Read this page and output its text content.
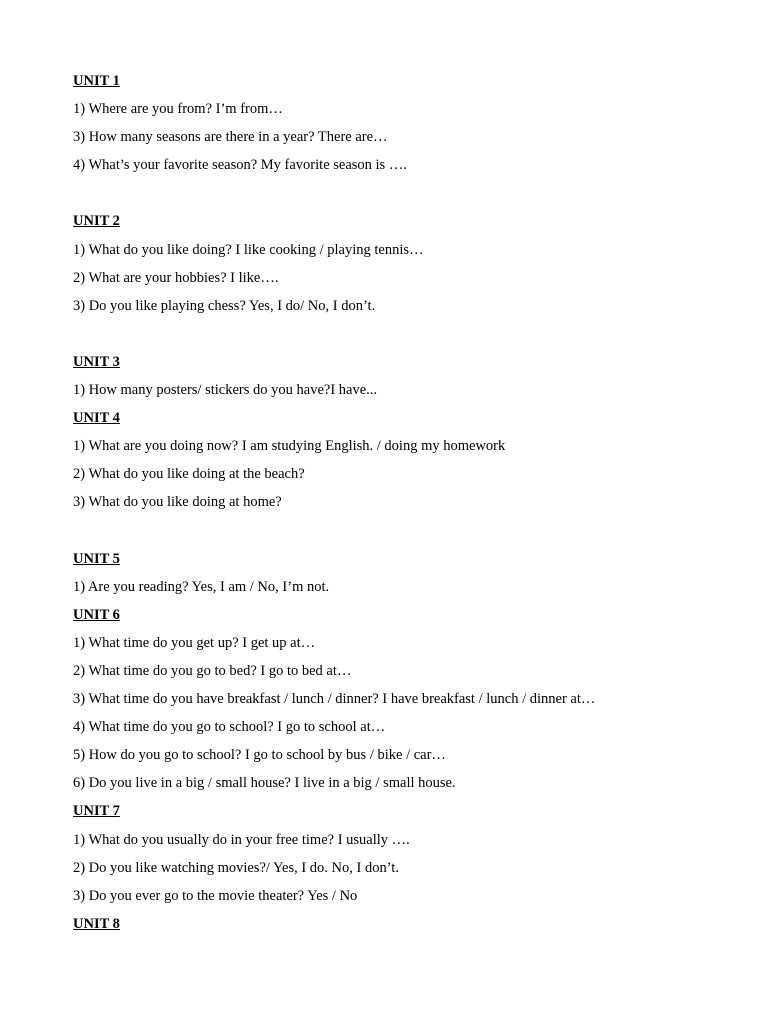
UNIT 1
1) Where are you from? I’m from…
3) How many seasons are there in a year? There are…
4) What’s your favorite season? My favorite season is ….
UNIT 2
1) What do you like doing? I like cooking / playing tennis…
2) What are your hobbies? I like….
3) Do you like playing chess? Yes, I do/ No, I don’t.
UNIT 3
1) How many posters/ stickers do you have?I have...
UNIT 4
1) What are you doing now? I am studying English. / doing my homework
2) What do you like doing at the beach?
3) What do you like doing at home?
UNIT 5
1) Are you reading? Yes, I am / No, I’m not.
UNIT 6
1) What time do you get up? I get up at…
2) What time do you go to bed? I go to bed at…
3) What time do you have breakfast / lunch / dinner? I have breakfast / lunch / dinner at…
4) What time do you go to school? I go to school at…
5) How do you go to school? I go to school by bus / bike / car…
6) Do you live in a big / small house? I live in a big / small house.
UNIT 7
1) What do you usually do in your free time? I usually ….
2) Do you like watching movies?/ Yes, I do. No, I don’t.
3) Do you ever go to the movie theater? Yes / No
UNIT 8
